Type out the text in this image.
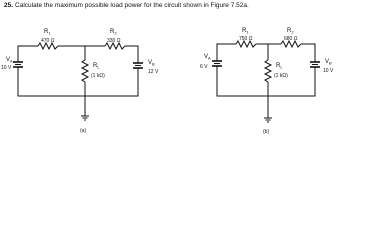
25. Calculate the maximum possible load power for the circuit shown in Figure 7.52a.
$R_1$
470 Ω
$R_2$
330 Ω
$R_L$
(1 kΩ)
$V_A$
10 V
$V_B$
12 V
(a)
$R_1$
750 Ω
$R_2$
680 Ω
$R_L$
(1 kΩ)
$V_A$
6 V
$V_B$
10 V
(b)
